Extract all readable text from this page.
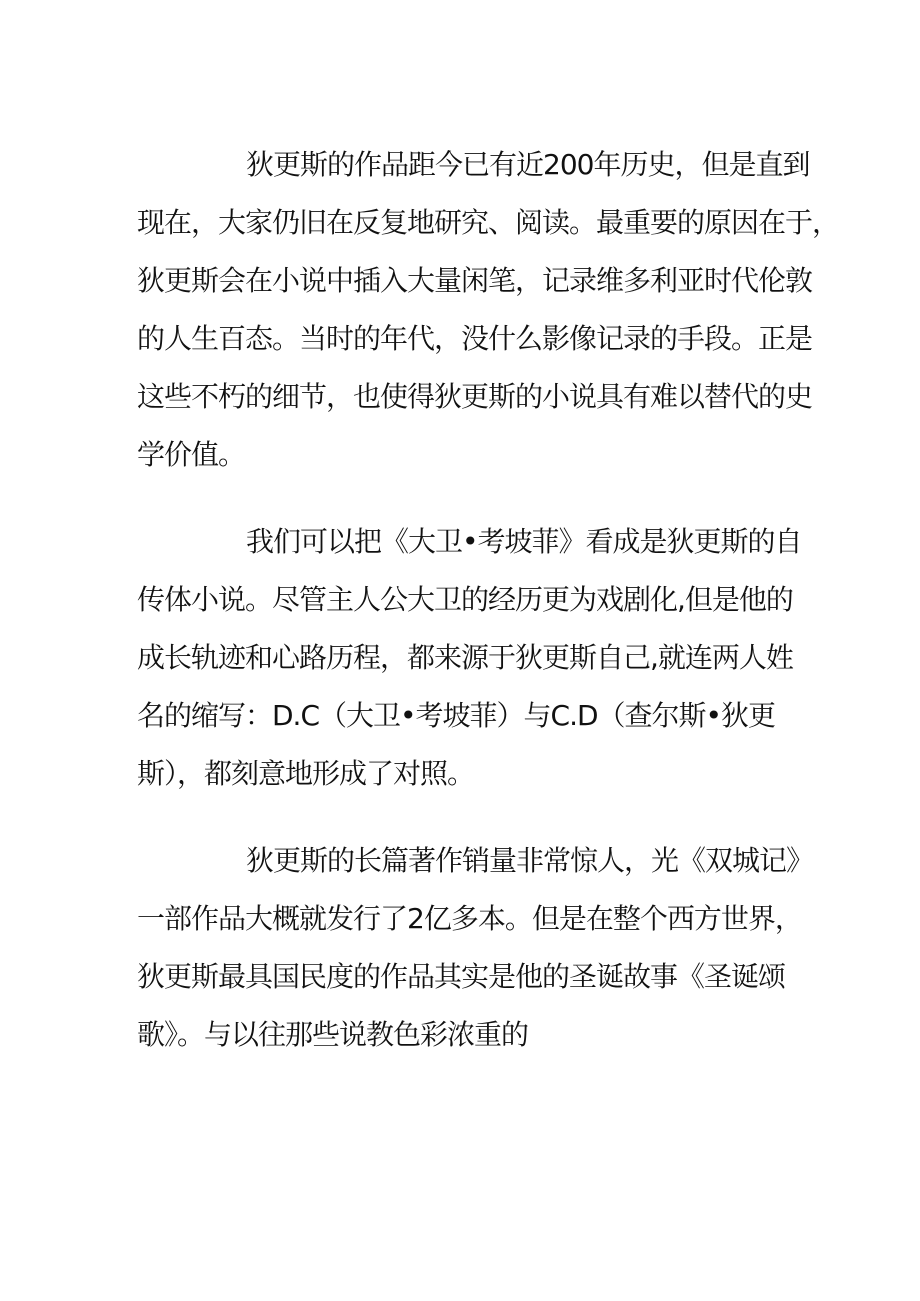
狄更斯的作品距今已有近200年历史，但是直到
现在，大家仍旧在反复地研究、阅读。最重要的原因在于，
狄更斯会在小说中插入大量闲笔，记录维多利亚时代伦敦
的人生百态。当时的年代，没什么影像记录的手段。正是
这些不朽的细节，也使得狄更斯的小说具有难以替代的史
学价值。
我们可以把《大卫•考坡菲》看成是狄更斯的自
传体小说。尽管主人公大卫的经历更为戏剧化,但是他的
成长轨迹和心路历程，都来源于狄更斯自己,就连两人姓
名的缩写：D.C（大卫•考坡菲）与C.D（查尔斯•狄更
斯），都刻意地形成了对照。
狄更斯的长篇著作销量非常惊人，光《双城记》
一部作品大概就发行了2亿多本。但是在整个西方世界，
狄更斯最具国民度的作品其实是他的圣诞故事《圣诞颂
歌》。与以往那些说教色彩浓重的
